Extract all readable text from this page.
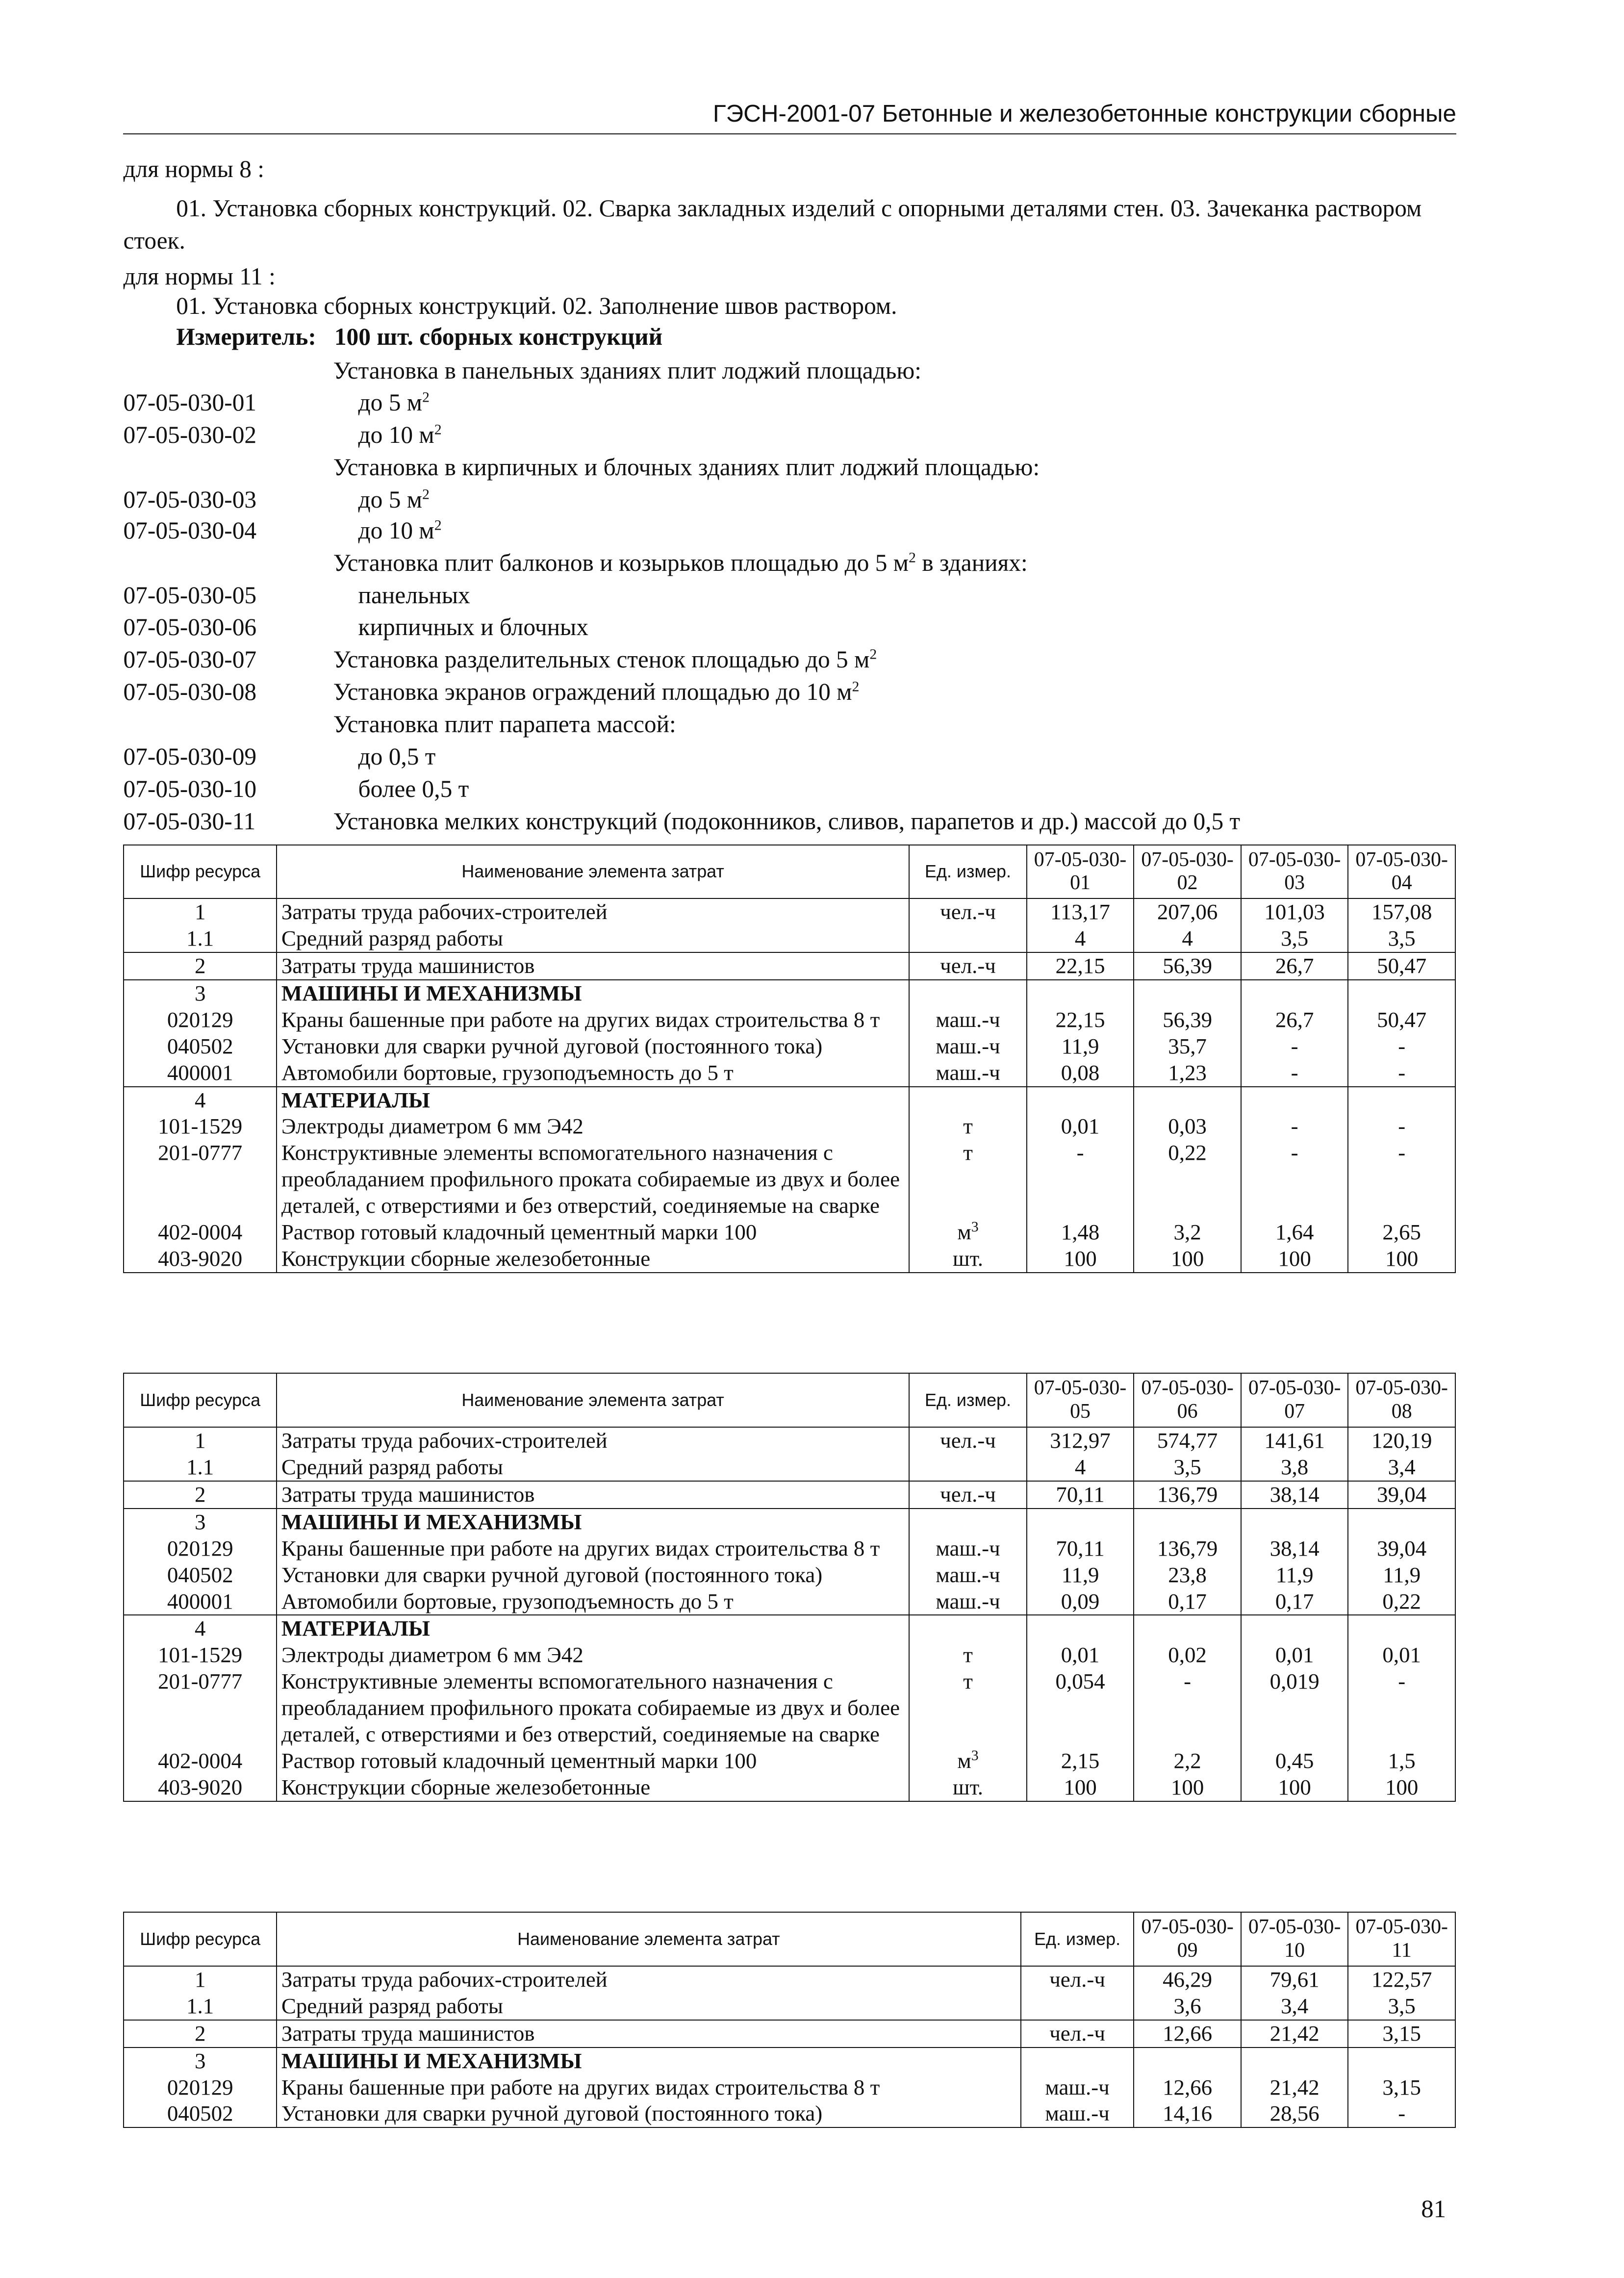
ГЭСН-2001-07 Бетонные и железобетонные конструкции сборные
для нормы 8 :
01. Установка сборных конструкций. 02. Сварка закладных изделий с опорными деталями стен. 03. Зачеканка раствором стоек.
для нормы 11 :
01. Установка сборных конструкций. 02. Заполнение швов раствором.
Измеритель: 100 шт. сборных конструкций
Установка в панельных зданиях плит лоджий площадью:
07-05-030-01	до 5 $м^2$
07-05-030-02	до 10 $м^2$
Установка в кирпичных и блочных зданиях плит лоджий площадью:
07-05-030-03	до 5 $м^2$
07-05-030-04	до 10 $м^2$
Установка плит балконов и козырьков площадью до 5 $м^2$ в зданиях:
07-05-030-05	панельных
07-05-030-06	кирпичных и блочных
07-05-030-07	Установка разделительных стенок площадью до 5 $м^2$
07-05-030-08	Установка экранов ограждений площадью до 10 $м^2$
Установка плит парапета массой:
07-05-030-09	до 0,5 т
07-05-030-10	более 0,5 т
07-05-030-11	Установка мелких конструкций (подоконников, сливов, парапетов и др.) массой до 0,5 т
Шифр ресурса	Наименование элемента затрат	Ед. измер.	07-05-030-01	07-05-030-02	07-05-030-03	07-05-030-04
1	Затраты труда рабочих-строителей	чел.-ч	113,17	207,06	101,03	157,08
1.1	Средний разряд работы		4	4	3,5	3,5
2	Затраты труда машинистов	чел.-ч	22,15	56,39	26,7	50,47
3	МАШИНЫ И МЕХАНИЗМЫ					
020129	Краны башенные при работе на других видах строительства 8 т	маш.-ч	22,15	56,39	26,7	50,47
040502	Установки для сварки ручной дуговой (постоянного тока)	маш.-ч	11,9	35,7	-	-
400001	Автомобили бортовые, грузоподъемность до 5 т	маш.-ч	0,08	1,23	-	-
4	МАТЕРИАЛЫ					
101-1529	Электроды диаметром 6 мм Э42	т	0,01	0,03	-	-
201-0777	Конструктивные элементы вспомогательного назначения с преобладанием профильного проката собираемые из двух и более деталей, с отверстиями и без отверстий, соединяемые на сварке	т	-	0,22	-	-
402-0004	Раствор готовый кладочный цементный марки 100	$м^3$	1,48	3,2	1,64	2,65
403-9020	Конструкции сборные железобетонные	шт.	100	100	100	100
Шифр ресурса	Наименование элемента затрат	Ед. измер.	07-05-030-05	07-05-030-06	07-05-030-07	07-05-030-08
1	Затраты труда рабочих-строителей	чел.-ч	312,97	574,77	141,61	120,19
1.1	Средний разряд работы		4	3,5	3,8	3,4
2	Затраты труда машинистов	чел.-ч	70,11	136,79	38,14	39,04
3	МАШИНЫ И МЕХАНИЗМЫ					
020129	Краны башенные при работе на других видах строительства 8 т	маш.-ч	70,11	136,79	38,14	39,04
040502	Установки для сварки ручной дуговой (постоянного тока)	маш.-ч	11,9	23,8	11,9	11,9
400001	Автомобили бортовые, грузоподъемность до 5 т	маш.-ч	0,09	0,17	0,17	0,22
4	МАТЕРИАЛЫ					
101-1529	Электроды диаметром 6 мм Э42	т	0,01	0,02	0,01	0,01
201-0777	Конструктивные элементы вспомогательного назначения с преобладанием профильного проката собираемые из двух и более деталей, с отверстиями и без отверстий, соединяемые на сварке	т	0,054	-	0,019	-
402-0004	Раствор готовый кладочный цементный марки 100	$м^3$	2,15	2,2	0,45	1,5
403-9020	Конструкции сборные железобетонные	шт.	100	100	100	100
Шифр ресурса	Наименование элемента затрат	Ед. измер.	07-05-030-09	07-05-030-10	07-05-030-11
1	Затраты труда рабочих-строителей	чел.-ч	46,29	79,61	122,57
1.1	Средний разряд работы		3,6	3,4	3,5
2	Затраты труда машинистов	чел.-ч	12,66	21,42	3,15
3	МАШИНЫ И МЕХАНИЗМЫ				
020129	Краны башенные при работе на других видах строительства 8 т	маш.-ч	12,66	21,42	3,15
040502	Установки для сварки ручной дуговой (постоянного тока)	маш.-ч	14,16	28,56	-
81
